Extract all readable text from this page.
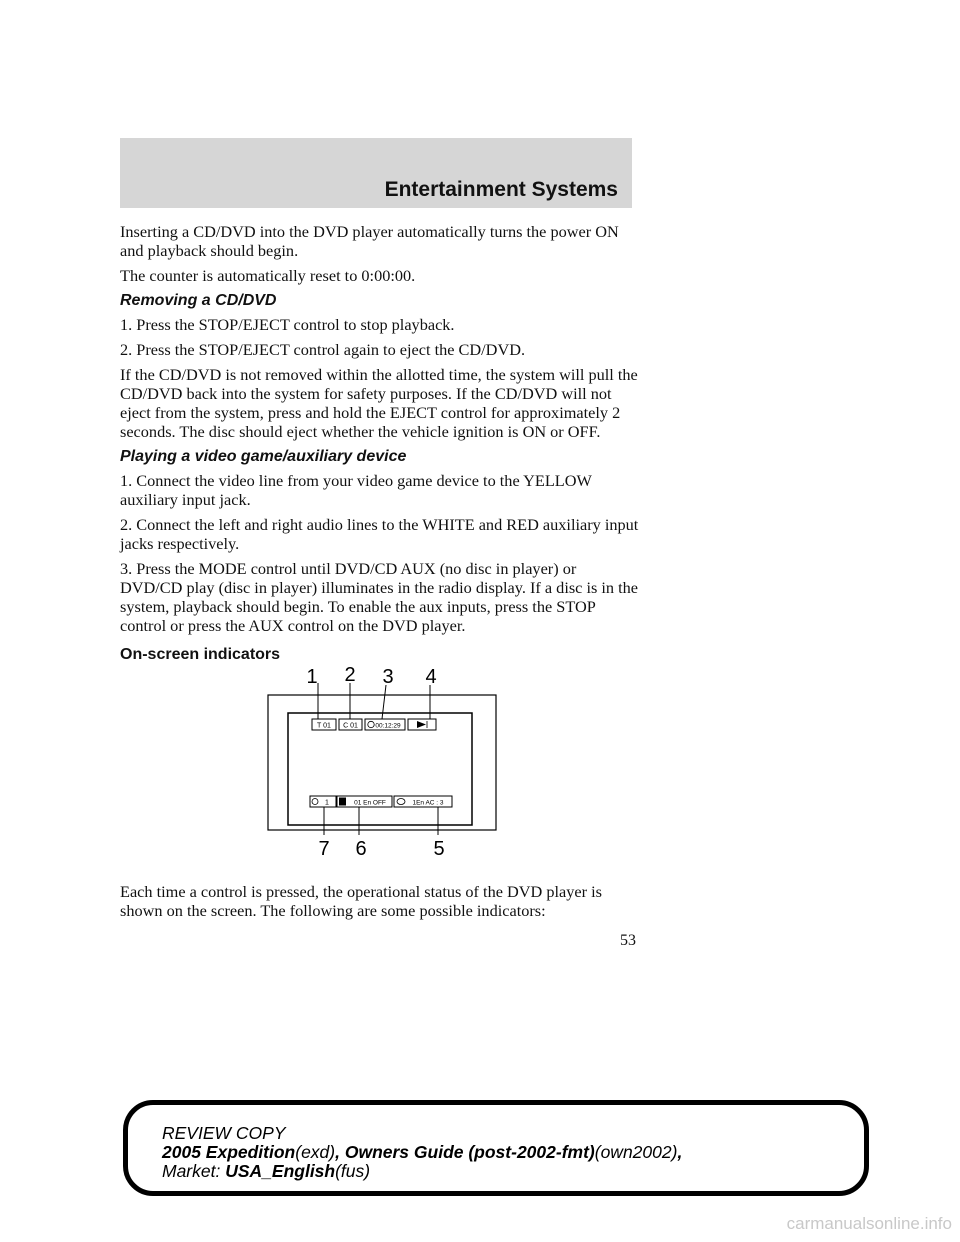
Entertainment Systems

Inserting a CD/DVD into the DVD player automatically turns the power ON and playback should begin.

The counter is automatically reset to 0:00:00.

Removing a CD/DVD

1. Press the STOP/EJECT control to stop playback.

2. Press the STOP/EJECT control again to eject the CD/DVD.

If the CD/DVD is not removed within the allotted time, the system will pull the CD/DVD back into the system for safety purposes. If the CD/DVD will not eject from the system, press and hold the EJECT control for approximately 2 seconds. The disc should eject whether the vehicle ignition is ON or OFF.

Playing a video game/auxiliary device

1. Connect the video line from your video game device to the YELLOW auxiliary input jack.

2. Connect the left and right audio lines to the WHITE and RED auxiliary input jacks respectively.

3. Press the MODE control until DVD/CD AUX (no disc in player) or DVD/CD play (disc in player) illuminates in the radio display. If a disc is in the system, playback should begin. To enable the aux inputs, press the STOP control or press the AUX control on the DVD player.

On-screen indicators
T 01 C 01	00:12:29
1	01 En OFF	1En AC : 3
1 2 3 4
7 6	5

Each time a control is pressed, the operational status of the DVD player is shown on the screen. The following are some possible indicators:

53
REVIEW COPY
2005 Expedition(exd), Owners Guide (post-2002-fmt)(own2002),
Market: USA_English(fus)
carmanualsonline.info
